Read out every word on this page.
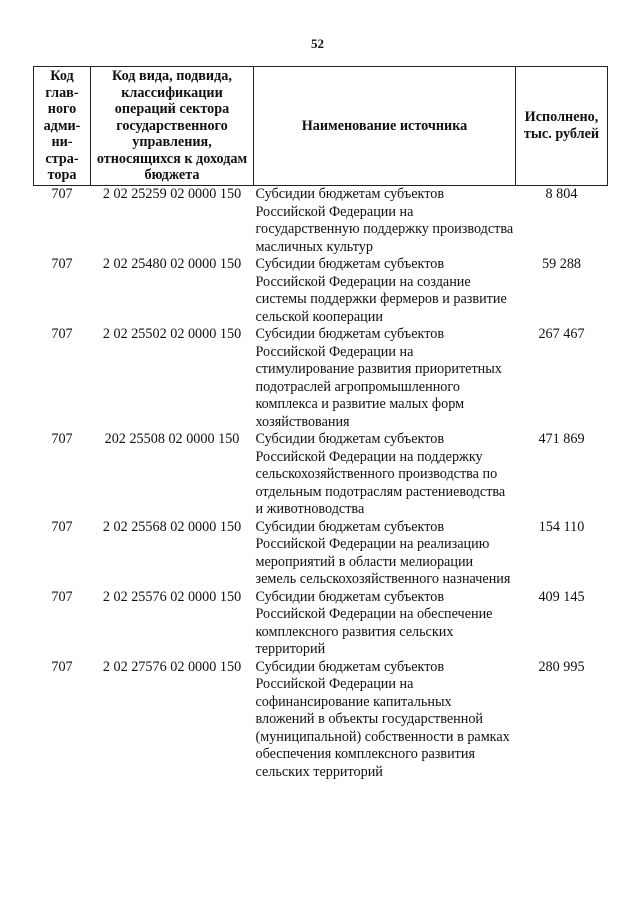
52
Код глав-ного адми-ни-стра-тора	Код вида, подвида, классификации операций сектора государственного управления, относящихся к доходам бюджета	Наименование источника	Исполнено, тыс. рублей
707	2 02 25259 02 0000 150	Субсидии бюджетам субъектов Российской Федерации на государственную поддержку производства масличных культур	8 804
707	2 02 25480 02 0000 150	Субсидии бюджетам субъектов Российской Федерации на создание системы поддержки фермеров и развитие сельской кооперации	59 288
707	2 02 25502 02 0000 150	Субсидии бюджетам субъектов Российской Федерации на стимулирование развития приоритетных подотраслей агропромышленного комплекса и развитие малых форм хозяйствования	267 467
707	202 25508 02 0000 150	Субсидии бюджетам субъектов Российской Федерации на поддержку сельскохозяйственного производства по отдельным подотраслям растениеводства и животноводства	471 869
707	2 02 25568 02 0000 150	Субсидии бюджетам субъектов Российской Федерации на реализацию мероприятий в области мелиорации земель сельскохозяйственного назначения	154 110
707	2 02 25576 02 0000 150	Субсидии бюджетам субъектов Российской Федерации на обеспечение комплексного развития сельских территорий	409 145
707	2 02 27576 02 0000 150	Субсидии бюджетам субъектов Российской Федерации на софинансирование капитальных вложений в объекты государственной (муниципальной) собственности в рамках обеспечения комплексного развития сельских территорий	280 995
